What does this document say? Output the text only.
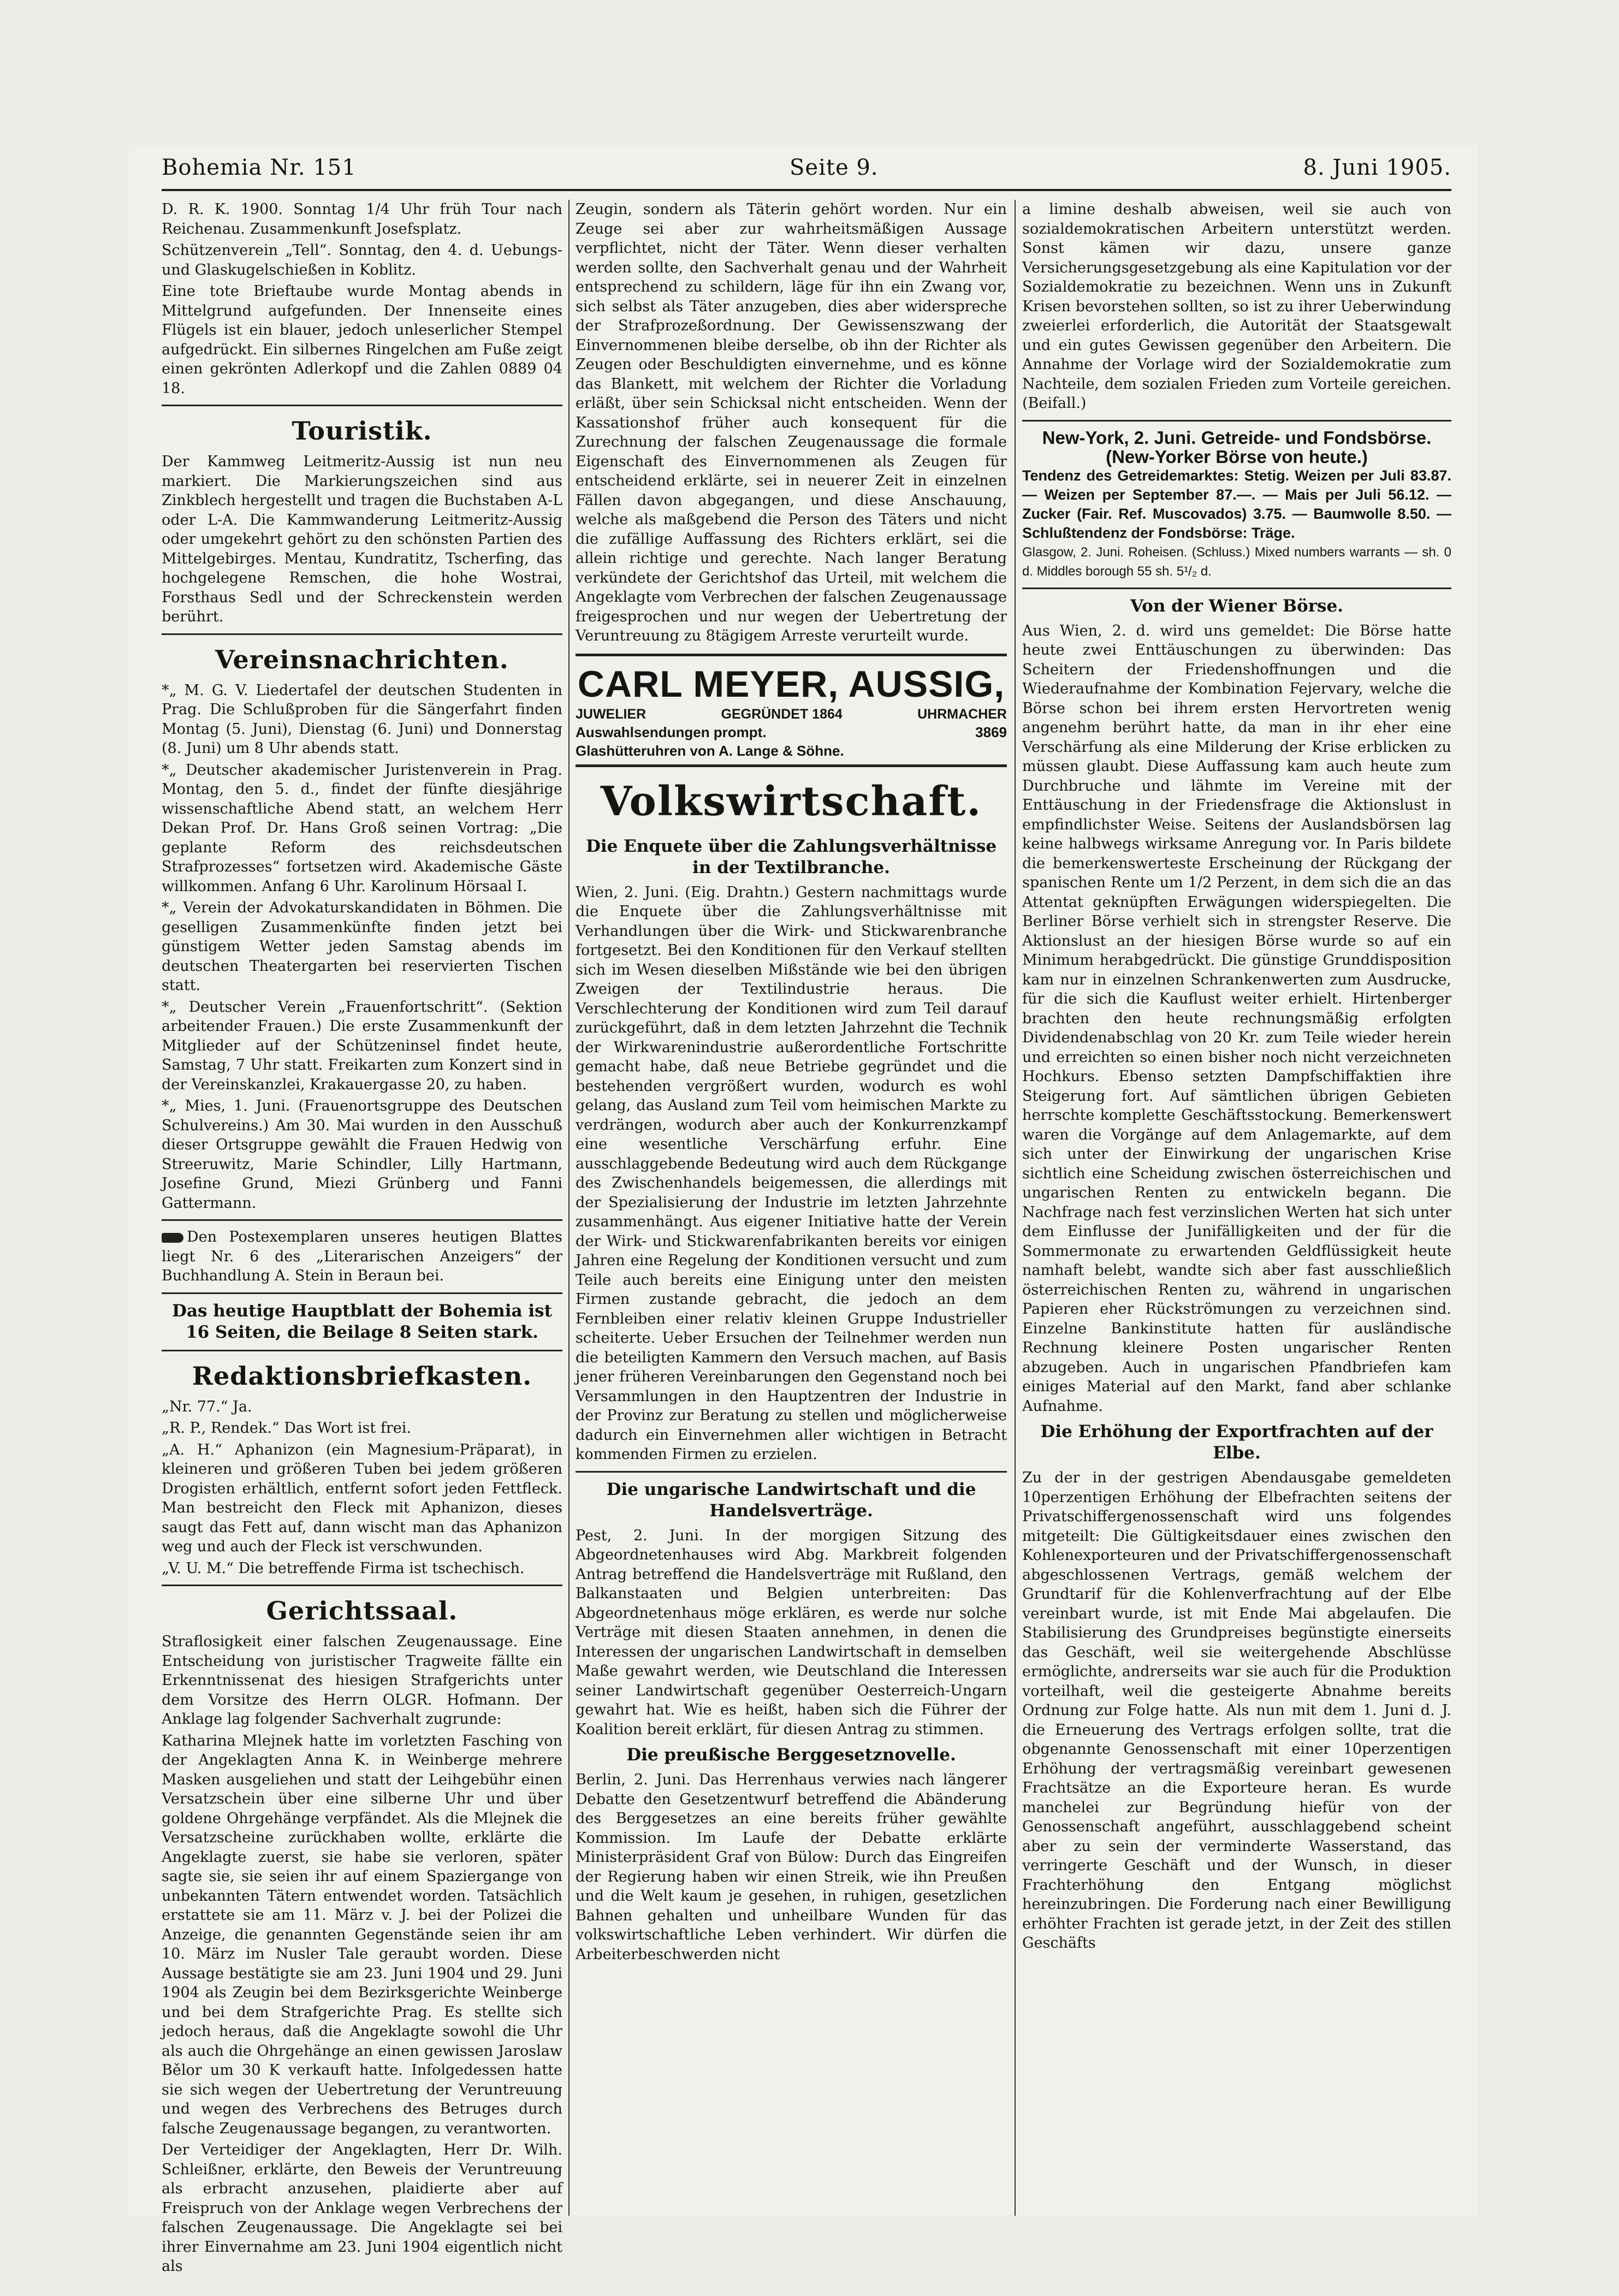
Bohemia Nr. 151	Seite 9.	8. Juni 1905.

D. R. K. 1900. Sonntag 1/4 Uhr früh Tour nach Reichenau. Zusammenkunft Josefsplatz.

Schützenverein „Tell“. Sonntag, den 4. d. Uebungs- und Glaskugelschießen in Koblitz.

Eine tote Brieftaube wurde Montag abends in Mittelgrund aufgefunden. Der Innenseite eines Flügels ist ein blauer, jedoch unleserlicher Stempel aufgedrückt. Ein silbernes Ringelchen am Fuße zeigt einen gekrönten Adlerkopf und die Zahlen 0889 04 18.

Touristik.

Der Kammweg Leitmeritz-Aussig ist nun neu markiert. Die Markierungszeichen sind aus Zinkblech hergestellt und tragen die Buchstaben A-L oder L-A. Die Kammwanderung Leitmeritz-Aussig oder umgekehrt gehört zu den schönsten Partien des Mittelgebirges. Mentau, Kundratitz, Tscherfing, das hochgelegene Remschen, die hohe Wostrai, Forsthaus Sedl und der Schreckenstein werden berührt.

Vereinsnachrichten.

*„ M. G. V. Liedertafel der deutschen Studenten in Prag. Die Schlußproben für die Sängerfahrt finden Montag (5. Juni), Dienstag (6. Juni) und Donnerstag (8. Juni) um 8 Uhr abends statt.

*„ Deutscher akademischer Juristenverein in Prag. Montag, den 5. d., findet der fünfte diesjährige wissenschaftliche Abend statt, an welchem Herr Dekan Prof. Dr. Hans Groß seinen Vortrag: „Die geplante Reform des reichsdeutschen Strafprozesses“ fortsetzen wird. Akademische Gäste willkommen. Anfang 6 Uhr. Karolinum Hörsaal I.

*„ Verein der Advokaturskandidaten in Böhmen. Die geselligen Zusammenkünfte finden jetzt bei günstigem Wetter jeden Samstag abends im deutschen Theatergarten bei reservierten Tischen statt.

*„ Deutscher Verein „Frauenfortschritt“. (Sektion arbeitender Frauen.) Die erste Zusammenkunft der Mitglieder auf der Schützeninsel findet heute, Samstag, 7 Uhr statt. Freikarten zum Konzert sind in der Vereinskanzlei, Krakauergasse 20, zu haben.

*„ Mies, 1. Juni. (Frauenortsgruppe des Deutschen Schulvereins.) Am 30. Mai wurden in den Ausschuß dieser Ortsgruppe gewählt die Frauen Hedwig von Streeruwitz, Marie Schindler, Lilly Hartmann, Josefine Grund, Miezi Grünberg und Fanni Gattermann.

Den Postexemplaren unseres heutigen Blattes liegt Nr. 6 des „Literarischen Anzeigers“ der Buchhandlung A. Stein in Beraun bei.

Das heutige Hauptblatt der Bohemia ist 16 Seiten, die Beilage 8 Seiten stark.
Redaktionsbriefkasten.

„Nr. 77.“ Ja.

„R. P., Rendek.“ Das Wort ist frei.

„A. H.“ Aphanizon (ein Magnesium-Präparat), in kleineren und größeren Tuben bei jedem größeren Drogisten erhältlich, entfernt sofort jeden Fettfleck. Man bestreicht den Fleck mit Aphanizon, dieses saugt das Fett auf, dann wischt man das Aphanizon weg und auch der Fleck ist verschwunden.

„V. U. M.“ Die betreffende Firma ist tschechisch.

Gerichtssaal.

Straflosigkeit einer falschen Zeugenaussage. Eine Entscheidung von juristischer Tragweite fällte ein Erkenntnissenat des hiesigen Strafgerichts unter dem Vorsitze des Herrn OLGR. Hofmann. Der Anklage lag folgender Sachverhalt zugrunde:

Katharina Mlejnek hatte im vorletzten Fasching von der Angeklagten Anna K. in Weinberge mehrere Masken ausgeliehen und statt der Leihgebühr einen Versatzschein über eine silberne Uhr und über goldene Ohrgehänge verpfändet. Als die Mlejnek die Versatzscheine zurückhaben wollte, erklärte die Angeklagte zuerst, sie habe sie verloren, später sagte sie, sie seien ihr auf einem Spaziergange von unbekannten Tätern entwendet worden. Tatsächlich erstattete sie am 11. März v. J. bei der Polizei die Anzeige, die genannten Gegenstände seien ihr am 10. März im Nusler Tale geraubt worden. Diese Aussage bestätigte sie am 23. Juni 1904 und 29. Juni 1904 als Zeugin bei dem Bezirksgerichte Weinberge und bei dem Strafgerichte Prag. Es stellte sich jedoch heraus, daß die Angeklagte sowohl die Uhr als auch die Ohrgehänge an einen gewissen Jaroslaw Bělor um 30 K verkauft hatte. Infolgedessen hatte sie sich wegen der Uebertretung der Veruntreuung und wegen des Verbrechens des Betruges durch falsche Zeugenaussage begangen, zu verantworten.

Der Verteidiger der Angeklagten, Herr Dr. Wilh. Schleißner, erklärte, den Beweis der Veruntreuung als erbracht anzusehen, plaidierte aber auf Freispruch von der Anklage wegen Verbrechens der falschen Zeugenaussage. Die Angeklagte sei bei ihrer Einvernahme am 23. Juni 1904 eigentlich nicht als

Zeugin, sondern als Täterin gehört worden. Nur ein Zeuge sei aber zur wahrheitsmäßigen Aussage verpflichtet, nicht der Täter. Wenn dieser verhalten werden sollte, den Sachverhalt genau und der Wahrheit entsprechend zu schildern, läge für ihn ein Zwang vor, sich selbst als Täter anzugeben, dies aber widerspreche der Strafprozeßordnung. Der Gewissenszwang der Einvernommenen bleibe derselbe, ob ihn der Richter als Zeugen oder Beschuldigten einvernehme, und es könne das Blankett, mit welchem der Richter die Vorladung erläßt, über sein Schicksal nicht entscheiden. Wenn der Kassationshof früher auch konsequent für die Zurechnung der falschen Zeugenaussage die formale Eigenschaft des Einvernommenen als Zeugen für entscheidend erklärte, sei in neuerer Zeit in einzelnen Fällen davon abgegangen, und diese Anschauung, welche als maßgebend die Person des Täters und nicht die zufällige Auffassung des Richters erklärt, sei die allein richtige und gerechte. Nach langer Beratung verkündete der Gerichtshof das Urteil, mit welchem die Angeklagte vom Verbrechen der falschen Zeugenaussage freigesprochen und nur wegen der Uebertretung der Veruntreuung zu 8tägigem Arreste verurteilt wurde.

CARL MEYER, AUSSIG,
JUWELIER	GEGRÜNDET 1864	UHRMACHER
Auswahlsendungen prompt.	3869
Glashütteruhren von A. Lange & Söhne.
Volkswirtschaft.
Die Enquete über die Zahlungsverhältnisse in der Textilbranche.

Wien, 2. Juni. (Eig. Drahtn.) Gestern nachmittags wurde die Enquete über die Zahlungsverhältnisse mit Verhandlungen über die Wirk- und Stickwarenbranche fortgesetzt. Bei den Konditionen für den Verkauf stellten sich im Wesen dieselben Mißstände wie bei den übrigen Zweigen der Textilindustrie heraus. Die Verschlechterung der Konditionen wird zum Teil darauf zurückgeführt, daß in dem letzten Jahrzehnt die Technik der Wirkwarenindustrie außerordentliche Fortschritte gemacht habe, daß neue Betriebe gegründet und die bestehenden vergrößert wurden, wodurch es wohl gelang, das Ausland zum Teil vom heimischen Markte zu verdrängen, wodurch aber auch der Konkurrenzkampf eine wesentliche Verschärfung erfuhr. Eine ausschlaggebende Bedeutung wird auch dem Rückgange des Zwischenhandels beigemessen, die allerdings mit der Spezialisierung der Industrie im letzten Jahrzehnte zusammenhängt. Aus eigener Initiative hatte der Verein der Wirk- und Stickwarenfabrikanten bereits vor einigen Jahren eine Regelung der Konditionen versucht und zum Teile auch bereits eine Einigung unter den meisten Firmen zustande gebracht, die jedoch an dem Fernbleiben einer relativ kleinen Gruppe Industrieller scheiterte. Ueber Ersuchen der Teilnehmer werden nun die beteiligten Kammern den Versuch machen, auf Basis jener früheren Vereinbarungen den Gegenstand noch bei Versammlungen in den Hauptzentren der Industrie in der Provinz zur Beratung zu stellen und möglicherweise dadurch ein Einvernehmen aller wichtigen in Betracht kommenden Firmen zu erzielen.

Die ungarische Landwirtschaft und die Handelsverträge.

Pest, 2. Juni. In der morgigen Sitzung des Abgeordnetenhauses wird Abg. Markbreit folgenden Antrag betreffend die Handelsverträge mit Rußland, den Balkanstaaten und Belgien unterbreiten: Das Abgeordnetenhaus möge erklären, es werde nur solche Verträge mit diesen Staaten annehmen, in denen die Interessen der ungarischen Landwirtschaft in demselben Maße gewahrt werden, wie Deutschland die Interessen seiner Landwirtschaft gegenüber Oesterreich-Ungarn gewahrt hat. Wie es heißt, haben sich die Führer der Koalition bereit erklärt, für diesen Antrag zu stimmen.

Die preußische Berggesetznovelle.

Berlin, 2. Juni. Das Herrenhaus verwies nach längerer Debatte den Gesetzentwurf betreffend die Abänderung des Berggesetzes an eine bereits früher gewählte Kommission. Im Laufe der Debatte erklärte Ministerpräsident Graf von Bülow: Durch das Eingreifen der Regierung haben wir einen Streik, wie ihn Preußen und die Welt kaum je gesehen, in ruhigen, gesetzlichen Bahnen gehalten und unheilbare Wunden für das volkswirtschaftliche Leben verhindert. Wir dürfen die Arbeiterbeschwerden nicht

a limine deshalb abweisen, weil sie auch von sozialdemokratischen Arbeitern unterstützt werden. Sonst kämen wir dazu, unsere ganze Versicherungsgesetzgebung als eine Kapitulation vor der Sozialdemokratie zu bezeichnen. Wenn uns in Zukunft Krisen bevorstehen sollten, so ist zu ihrer Ueberwindung zweierlei erforderlich, die Autorität der Staatsgewalt und ein gutes Gewissen gegenüber den Arbeitern. Die Annahme der Vorlage wird der Sozialdemokratie zum Nachteile, dem sozialen Frieden zum Vorteile gereichen. (Beifall.)

New-York, 2. Juni. Getreide- und Fondsbörse. (New-Yorker Börse von heute.)
Tendenz des Getreidemarktes: Stetig. Weizen per Juli 83.87. — Weizen per September 87.—. — Mais per Juli 56.12. — Zucker (Fair. Ref. Muscovados) 3.75. — Baumwolle 8.50. — Schlußtendenz der Fondsbörse: Träge.
Glasgow, 2. Juni. Roheisen. (Schluss.) Mixed numbers warrants — sh. 0 d. Middles borough 55 sh. 5¹/₂ d.
Von der Wiener Börse.

Aus Wien, 2. d. wird uns gemeldet: Die Börse hatte heute zwei Enttäuschungen zu überwinden: Das Scheitern der Friedenshoffnungen und die Wiederaufnahme der Kombination Fejervary, welche die Börse schon bei ihrem ersten Hervortreten wenig angenehm berührt hatte, da man in ihr eher eine Verschärfung als eine Milderung der Krise erblicken zu müssen glaubt. Diese Auffassung kam auch heute zum Durchbruche und lähmte im Vereine mit der Enttäuschung in der Friedensfrage die Aktionslust in empfindlichster Weise. Seitens der Auslandsbörsen lag keine halbwegs wirksame Anregung vor. In Paris bildete die bemerkenswerteste Erscheinung der Rückgang der spanischen Rente um 1/2 Perzent, in dem sich die an das Attentat geknüpften Erwägungen widerspiegelten. Die Berliner Börse verhielt sich in strengster Reserve. Die Aktionslust an der hiesigen Börse wurde so auf ein Minimum herabgedrückt. Die günstige Grunddisposition kam nur in einzelnen Schrankenwerten zum Ausdrucke, für die sich die Kauflust weiter erhielt. Hirtenberger brachten den heute rechnungsmäßig erfolgten Dividendenabschlag von 20 Kr. zum Teile wieder herein und erreichten so einen bisher noch nicht verzeichneten Hochkurs. Ebenso setzten Dampfschiffaktien ihre Steigerung fort. Auf sämtlichen übrigen Gebieten herrschte komplette Geschäftsstockung. Bemerkenswert waren die Vorgänge auf dem Anlagemarkte, auf dem sich unter der Einwirkung der ungarischen Krise sichtlich eine Scheidung zwischen österreichischen und ungarischen Renten zu entwickeln begann. Die Nachfrage nach fest verzinslichen Werten hat sich unter dem Einflusse der Junifälligkeiten und der für die Sommermonate zu erwartenden Geldflüssigkeit heute namhaft belebt, wandte sich aber fast ausschließlich österreichischen Renten zu, während in ungarischen Papieren eher Rückströmungen zu verzeichnen sind. Einzelne Bankinstitute hatten für ausländische Rechnung kleinere Posten ungarischer Renten abzugeben. Auch in ungarischen Pfandbriefen kam einiges Material auf den Markt, fand aber schlanke Aufnahme.

Die Erhöhung der Exportfrachten auf der Elbe.

Zu der in der gestrigen Abendausgabe gemeldeten 10perzentigen Erhöhung der Elbefrachten seitens der Privatschiffergenossenschaft wird uns folgendes mitgeteilt: Die Gültigkeitsdauer eines zwischen den Kohlenexporteuren und der Privatschiffergenossenschaft abgeschlossenen Vertrags, gemäß welchem der Grundtarif für die Kohlenverfrachtung auf der Elbe vereinbart wurde, ist mit Ende Mai abgelaufen. Die Stabilisierung des Grundpreises begünstigte einerseits das Geschäft, weil sie weitergehende Abschlüsse ermöglichte, andrerseits war sie auch für die Produktion vorteilhaft, weil die gesteigerte Abnahme bereits Ordnung zur Folge hatte. Als nun mit dem 1. Juni d. J. die Erneuerung des Vertrags erfolgen sollte, trat die obgenannte Genossenschaft mit einer 10perzentigen Erhöhung der vertragsmäßig vereinbart gewesenen Frachtsätze an die Exporteure heran. Es wurde manchelei zur Begründung hiefür von der Genossenschaft angeführt, ausschlaggebend scheint aber zu sein der verminderte Wasserstand, das verringerte Geschäft und der Wunsch, in dieser Frachterhöhung den Entgang möglichst hereinzubringen. Die Forderung nach einer Bewilligung erhöhter Frachten ist gerade jetzt, in der Zeit des stillen Geschäfts
